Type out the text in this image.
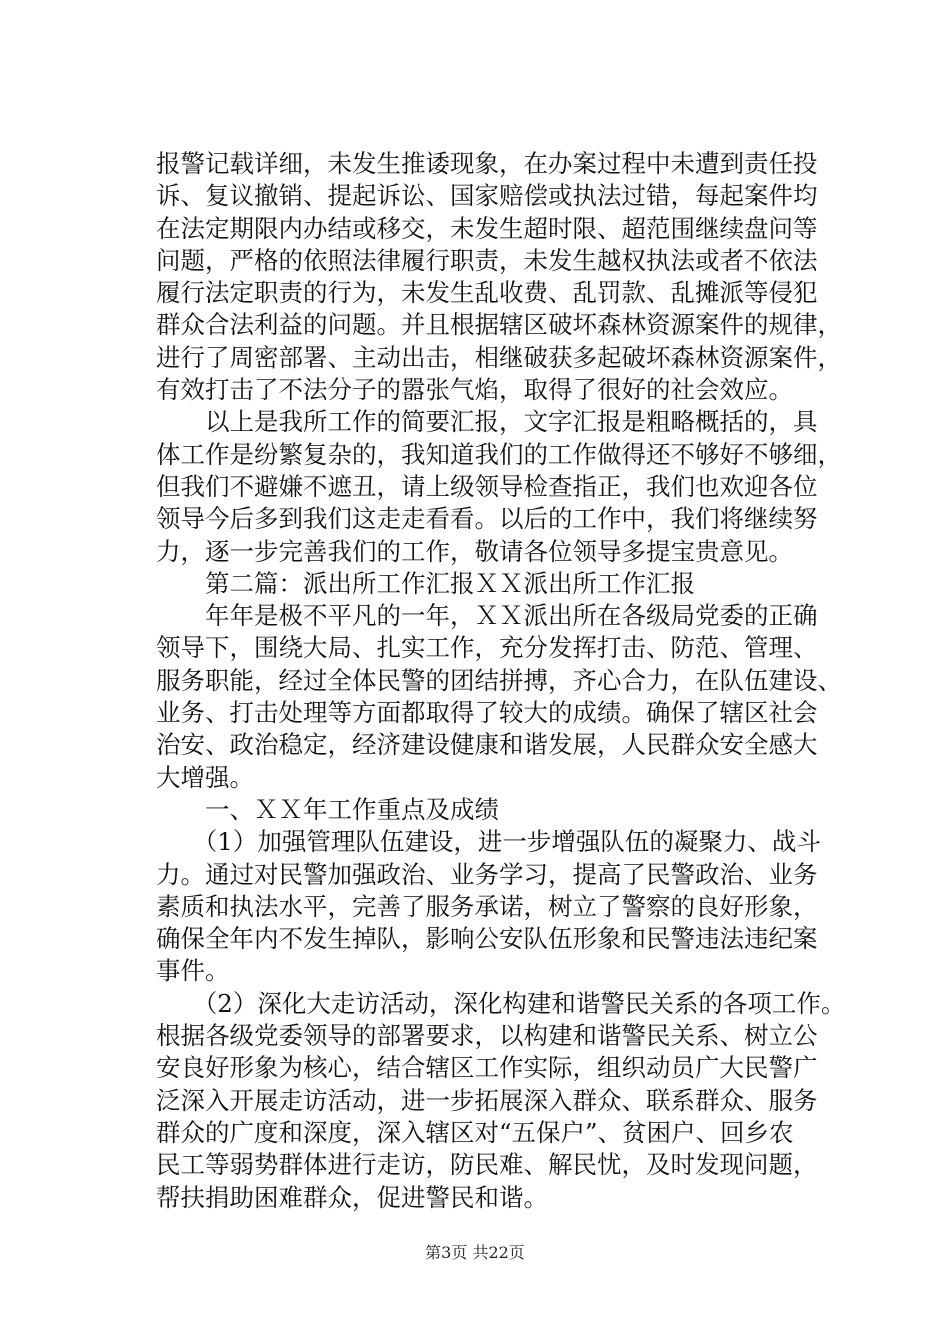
报警记载详细，未发生推诿现象，在办案过程中未遭到责任投
诉、复议撤销、提起诉讼、国家赔偿或执法过错，每起案件均
在法定期限内办结或移交，未发生超时限、超范围继续盘问等
问题，严格的依照法律履行职责，未发生越权执法或者不依法
履行法定职责的行为，未发生乱收费、乱罚款、乱摊派等侵犯
群众合法利益的问题。并且根据辖区破坏森林资源案件的规律，
进行了周密部署、主动出击，相继破获多起破坏森林资源案件，
有效打击了不法分子的嚣张气焰，取得了很好的社会效应。
　　以上是我所工作的简要汇报，文字汇报是粗略概括的，具
体工作是纷繁复杂的，我知道我们的工作做得还不够好不够细，
但我们不避嫌不遮丑，请上级领导检查指正，我们也欢迎各位
领导今后多到我们这走走看看。以后的工作中，我们将继续努
力，逐一步完善我们的工作，敬请各位领导多提宝贵意见。
　　第二篇：派出所工作汇报ＸＸ派出所工作汇报
　　年年是极不平凡的一年，ＸＸ派出所在各级局党委的正确
领导下，围绕大局、扎实工作，充分发挥打击、防范、管理、
服务职能，经过全体民警的团结拼搏，齐心合力，在队伍建设、
业务、打击处理等方面都取得了较大的成绩。确保了辖区社会
治安、政治稳定，经济建设健康和谐发展，人民群众安全感大
大增强。
　　一、ＸＸ年工作重点及成绩
　　（1）加强管理队伍建设，进一步增强队伍的凝聚力、战斗
力。通过对民警加强政治、业务学习，提高了民警政治、业务
素质和执法水平，完善了服务承诺，树立了警察的良好形象，
确保全年内不发生掉队，影响公安队伍形象和民警违法违纪案
事件。
　　（2）深化大走访活动，深化构建和谐警民关系的各项工作。
根据各级党委领导的部署要求，以构建和谐警民关系、树立公
安良好形象为核心，结合辖区工作实际，组织动员广大民警广
泛深入开展走访活动，进一步拓展深入群众、联系群众、服务
群众的广度和深度，深入辖区对“五保户”、贫困户、回乡农
民工等弱势群体进行走访，防民难、解民忧，及时发现问题，
帮扶捐助困难群众，促进警民和谐。
第3页 共22页
